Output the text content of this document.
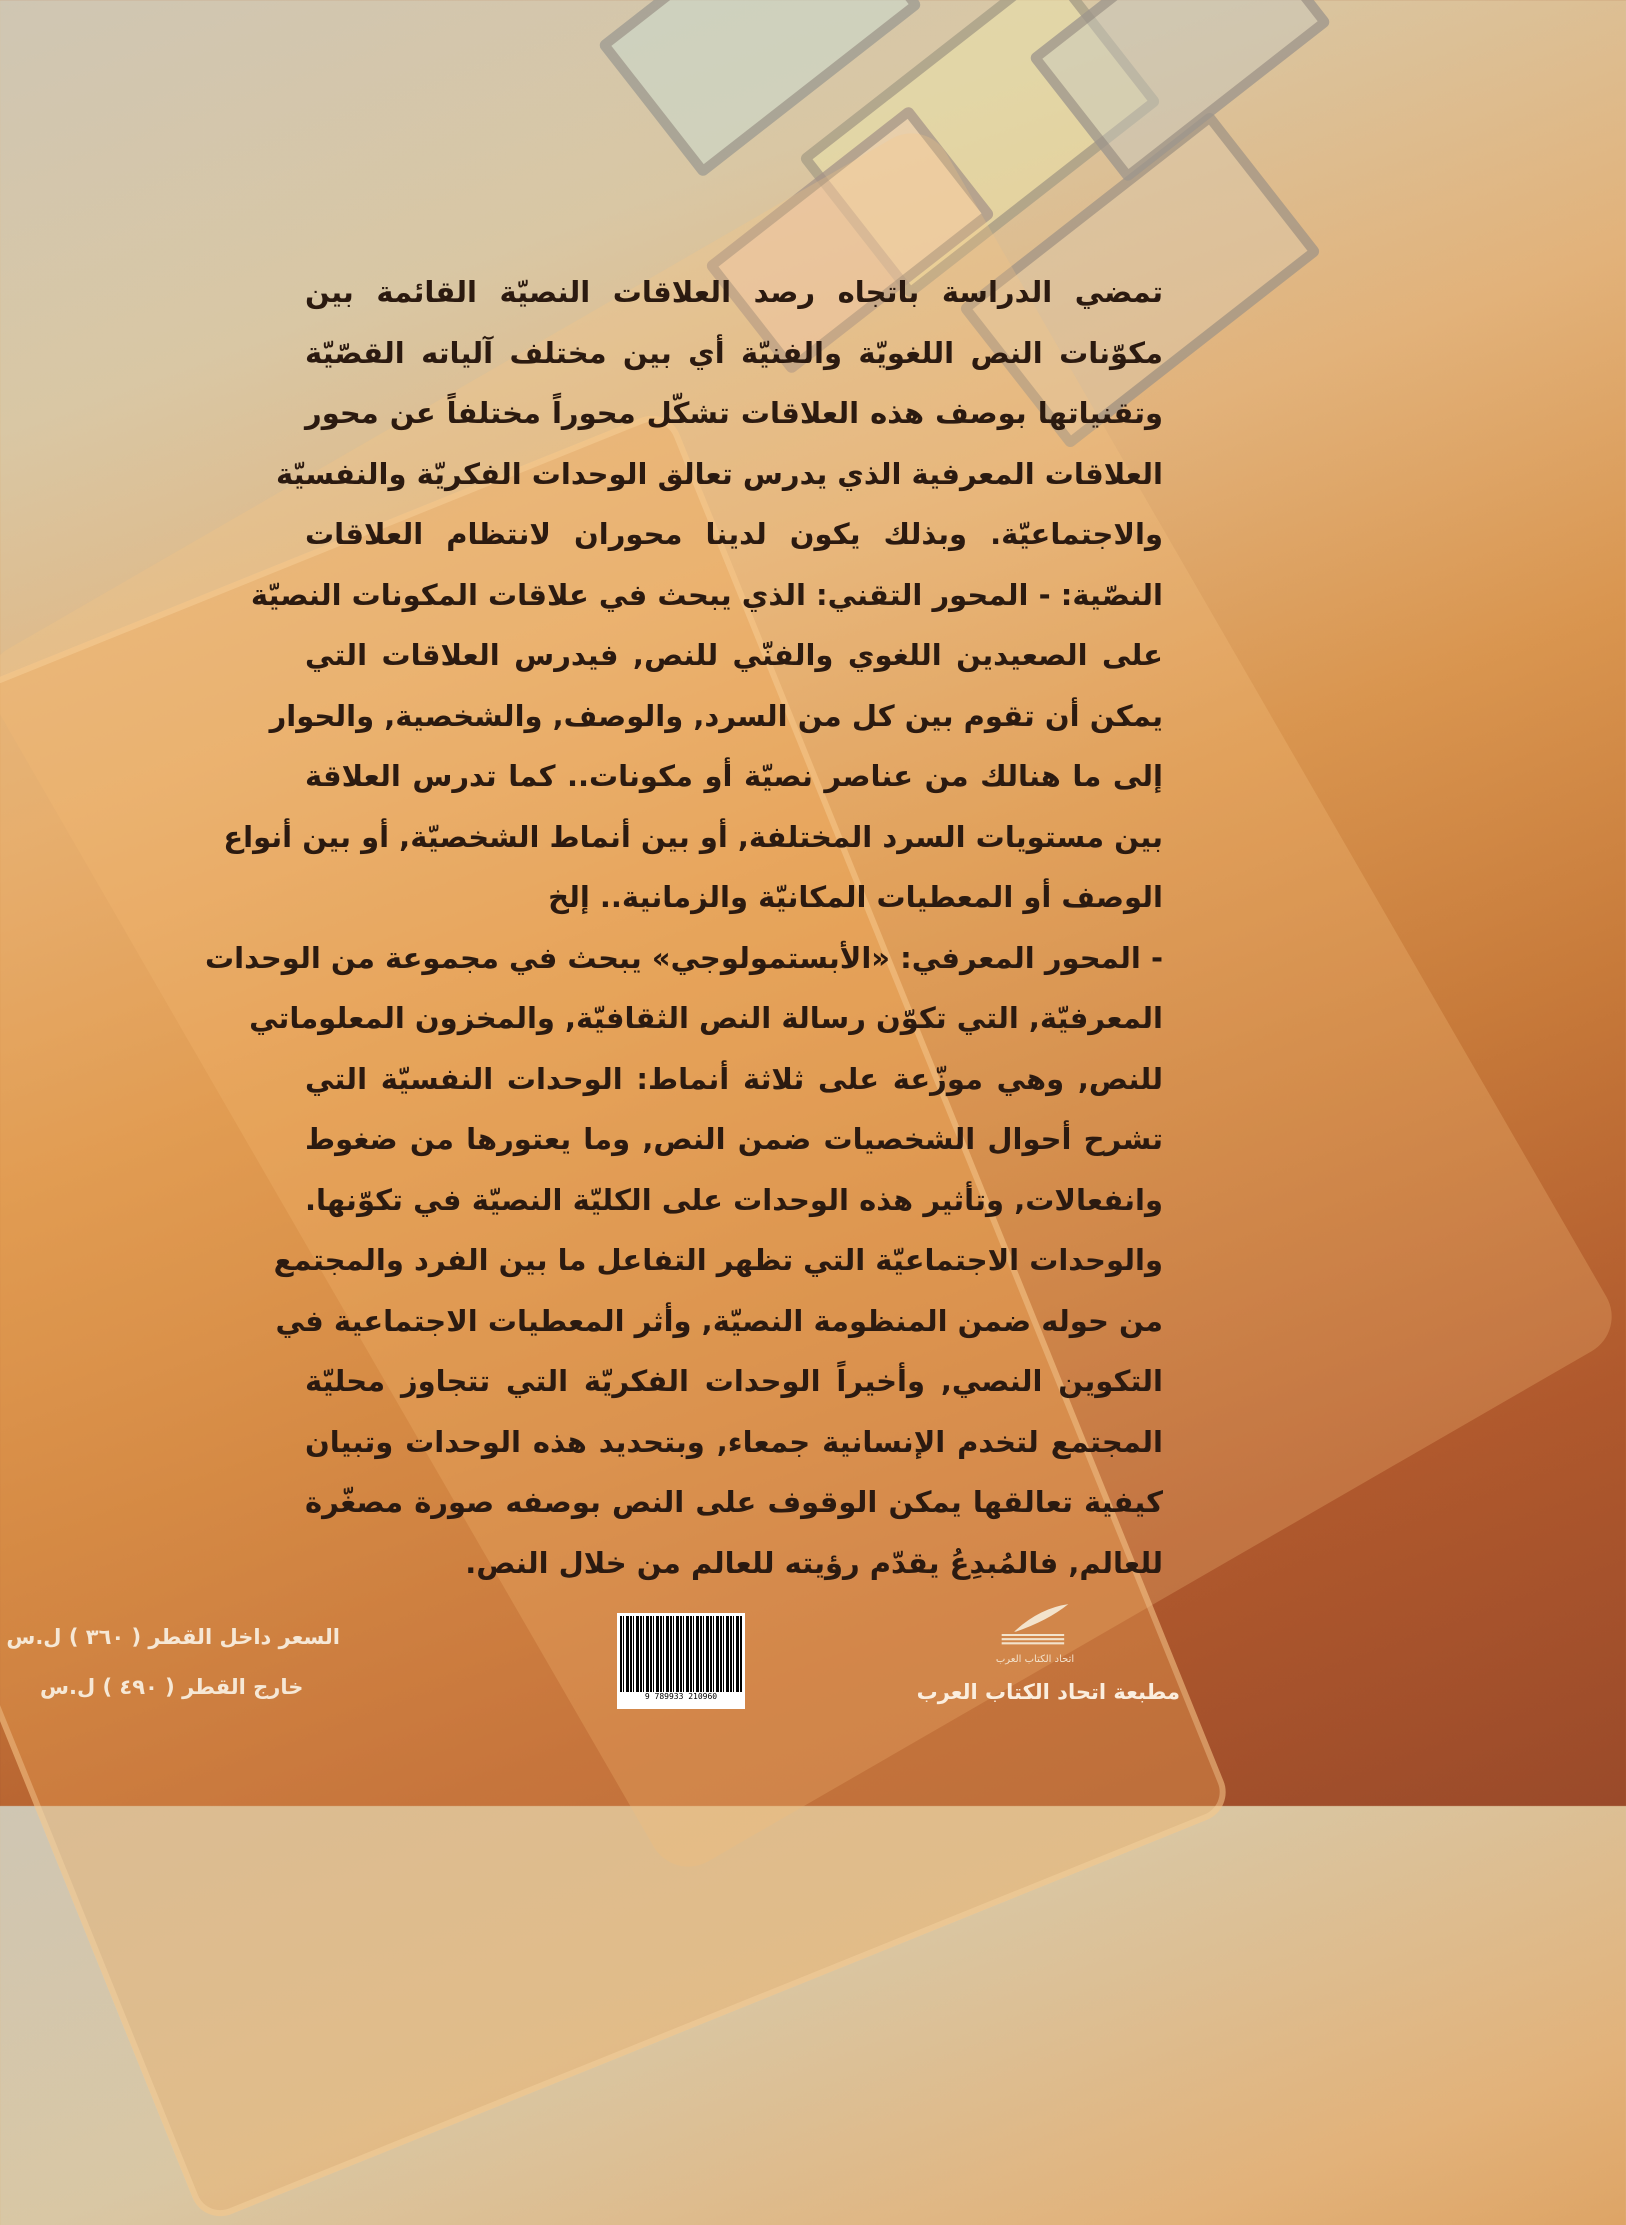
تمضي الدراسة باتجاه رصد العلاقات النصيّة القائمة بين
مكوّنات النص اللغويّة والفنيّة أي بين مختلف آلياته القصّيّة
وتقنياتها بوصف هذه العلاقات تشكّل محوراً مختلفاً عن محور
العلاقات المعرفية الذي يدرس تعالق الوحدات الفكريّة والنفسيّة
والاجتماعيّة. وبذلك يكون لدينا محوران لانتظام العلاقات
النصّية: - المحور التقني: الذي يبحث في علاقات المكونات النصيّة
على الصعيدين اللغوي والفنّي للنص, فيدرس العلاقات التي
يمكن أن تقوم بين كل من السرد, والوصف, والشخصية, والحوار
إلى ما هنالك من عناصر نصيّة أو مكونات.. كما تدرس العلاقة
بين مستويات السرد المختلفة, أو بين أنماط الشخصيّة, أو بين أنواع
الوصف أو المعطيات المكانيّة والزمانية.. إلخ
- المحور المعرفي: «الأبستمولوجي» يبحث في مجموعة من الوحدات
المعرفيّة, التي تكوّن رسالة النص الثقافيّة, والمخزون المعلوماتي
للنص, وهي موزّعة على ثلاثة أنماط: الوحدات النفسيّة التي
تشرح أحوال الشخصيات ضمن النص, وما يعتورها من ضغوط
وانفعالات, وتأثير هذه الوحدات على الكليّة النصيّة في تكوّنها.
والوحدات الاجتماعيّة التي تظهر التفاعل ما بين الفرد والمجتمع
من حوله ضمن المنظومة النصيّة, وأثر المعطيات الاجتماعية في
التكوين النصي, وأخيراً الوحدات الفكريّة التي تتجاوز محليّة
المجتمع لتخدم الإنسانية جمعاء, وبتحديد هذه الوحدات وتبيان
كيفية تعالقها يمكن الوقوف على النص بوصفه صورة مصغّرة
للعالم, فالمُبدِعُ يقدّم رؤيته للعالم من خلال النص.
السعر داخل القطر ( ٣٦٠ ) ل.س
خارج القطر ( ٤٩٠ ) ل.س	9 789933 210960
اتحاد الكتاب العرب
مطبعة اتحاد الكتاب العرب
